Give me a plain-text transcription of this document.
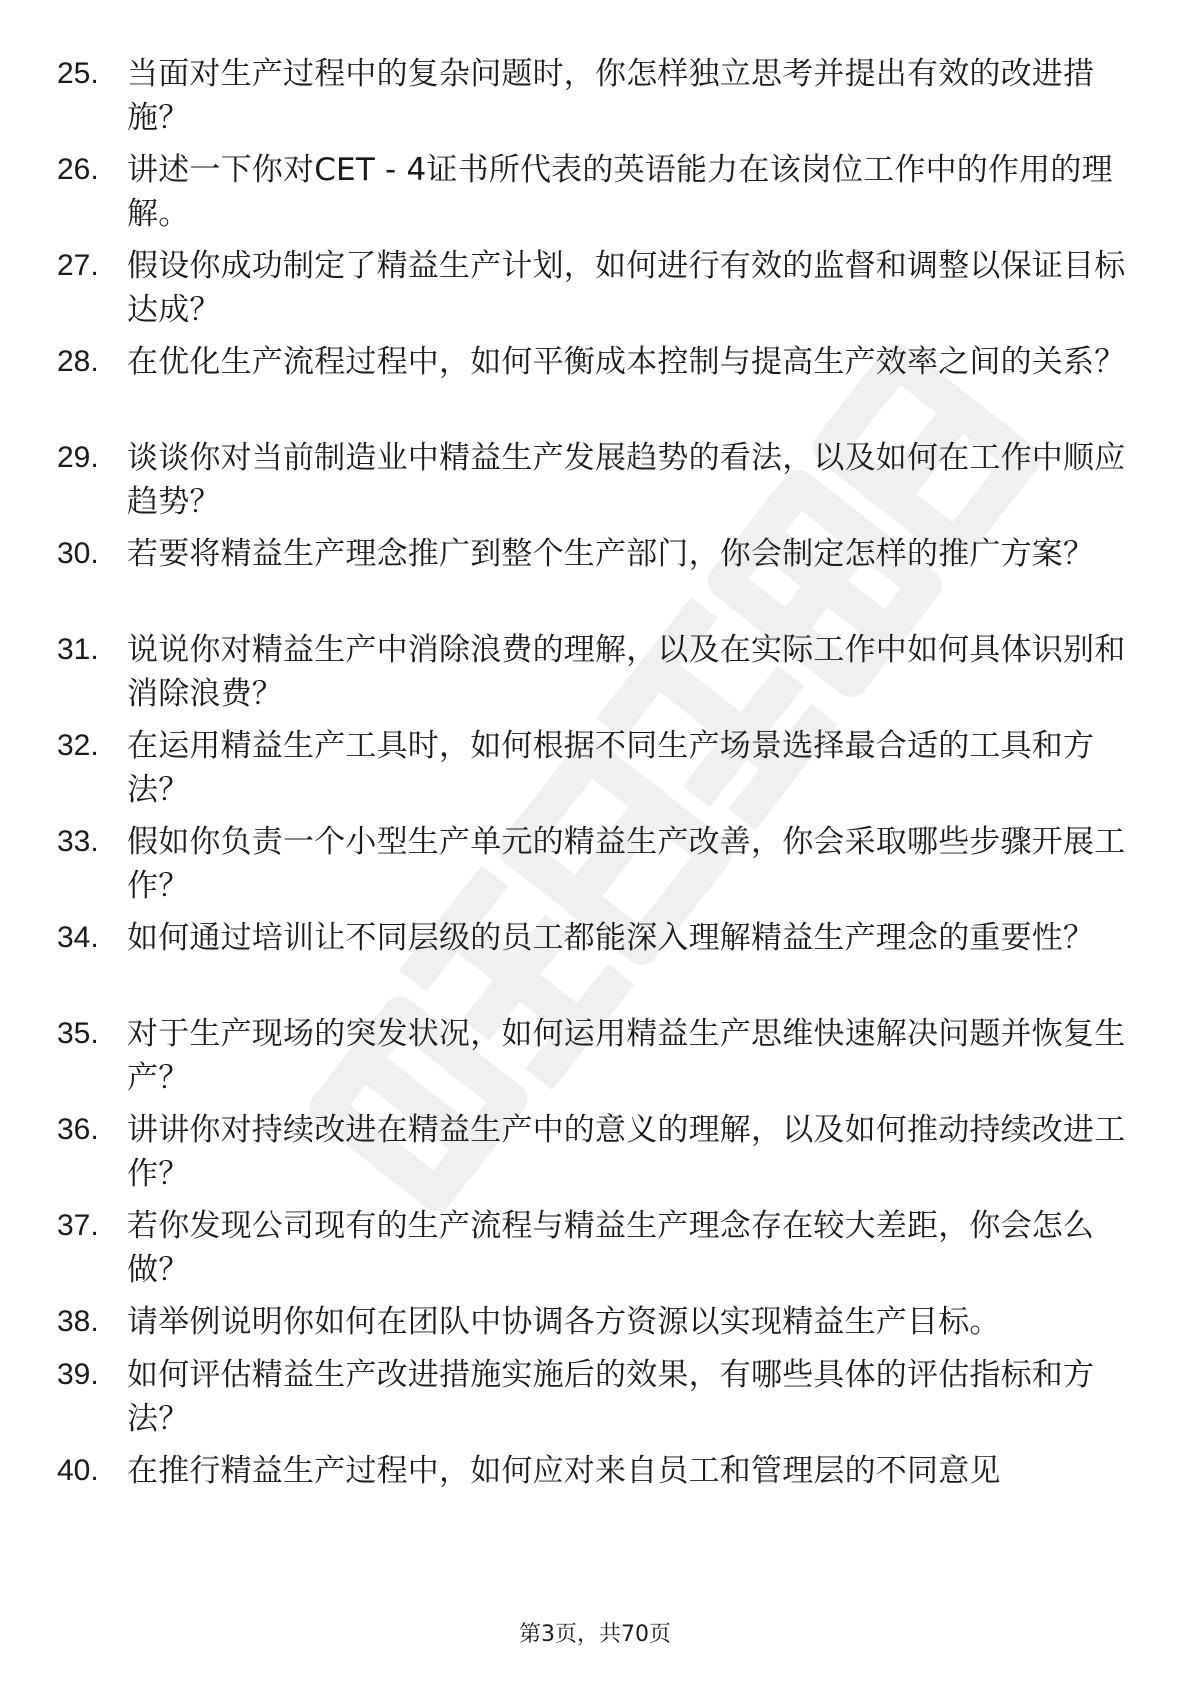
25. 当面对生产过程中的复杂问题时，你怎样独立思考并提出有效的改进措施？
26. 讲述一下你对CET - 4证书所代表的英语能力在该岗位工作中的作用的理解。
27. 假设你成功制定了精益生产计划，如何进行有效的监督和调整以保证目标达成？
28. 在优化生产流程过程中，如何平衡成本控制与提高生产效率之间的关系？
29. 谈谈你对当前制造业中精益生产发展趋势的看法，以及如何在工作中顺应趋势？
30. 若要将精益生产理念推广到整个生产部门，你会制定怎样的推广方案？
31. 说说你对精益生产中消除浪费的理解，以及在实际工作中如何具体识别和消除浪费？
32. 在运用精益生产工具时，如何根据不同生产场景选择最合适的工具和方法？
33. 假如你负责一个小型生产单元的精益生产改善，你会采取哪些步骤开展工作？
34. 如何通过培训让不同层级的员工都能深入理解精益生产理念的重要性？
35. 对于生产现场的突发状况，如何运用精益生产思维快速解决问题并恢复生产？
36. 讲讲你对持续改进在精益生产中的意义的理解，以及如何推动持续改进工作？
37. 若你发现公司现有的生产流程与精益生产理念存在较大差距，你会怎么做？
38. 请举例说明你如何在团队中协调各方资源以实现精益生产目标。
39. 如何评估精益生产改进措施实施后的效果，有哪些具体的评估指标和方法？
40. 在推行精益生产过程中，如何应对来自员工和管理层的不同意见
第3页，共70页
